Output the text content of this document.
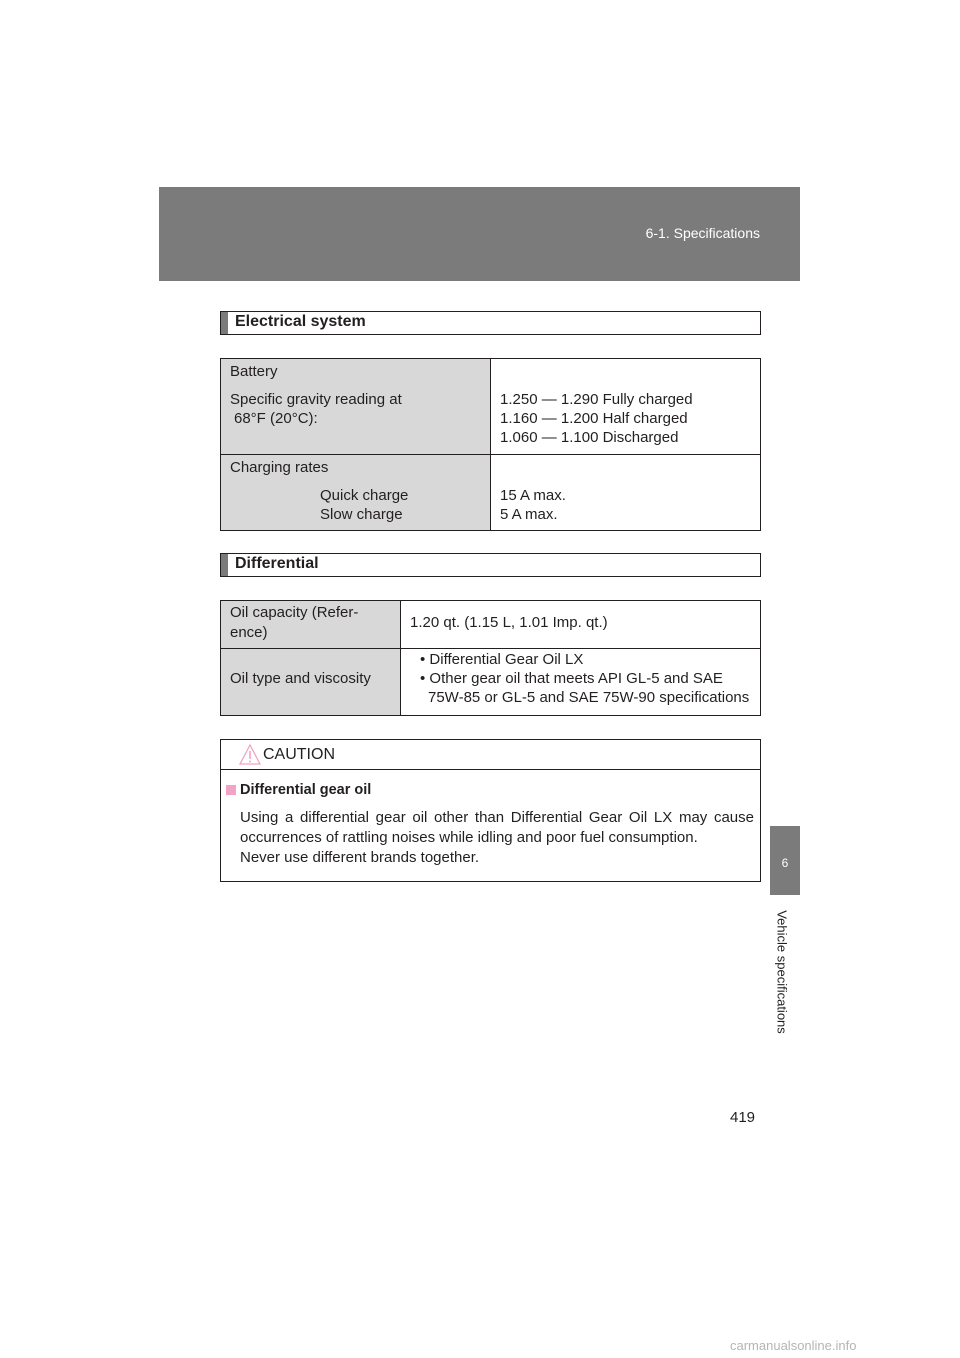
6-1. Specifications
6
Vehicle specifications
Electrical system
Battery
Specific gravity reading at
68°F (20°C):
1.250 — 1.290 Fully charged
1.160 — 1.200 Half charged
1.060 — 1.100 Discharged
Charging rates
Quick charge
Slow charge
15 A max.
5 A max.
Differential
Oil capacity (Refer-
ence)
1.20 qt. (1.15 L, 1.01 Imp. qt.)
Oil type and viscosity
• Differential Gear Oil LX
• Other gear oil that meets API GL-5 and SAE
75W-85 or GL-5 and SAE 75W-90 specifications
CAUTION
Differential gear oil

Using a differential gear oil other than Differential Gear Oil LX may cause occurrences of rattling noises while idling and poor fuel consumption.

Never use different brands together.

419
carmanualsonline.info
